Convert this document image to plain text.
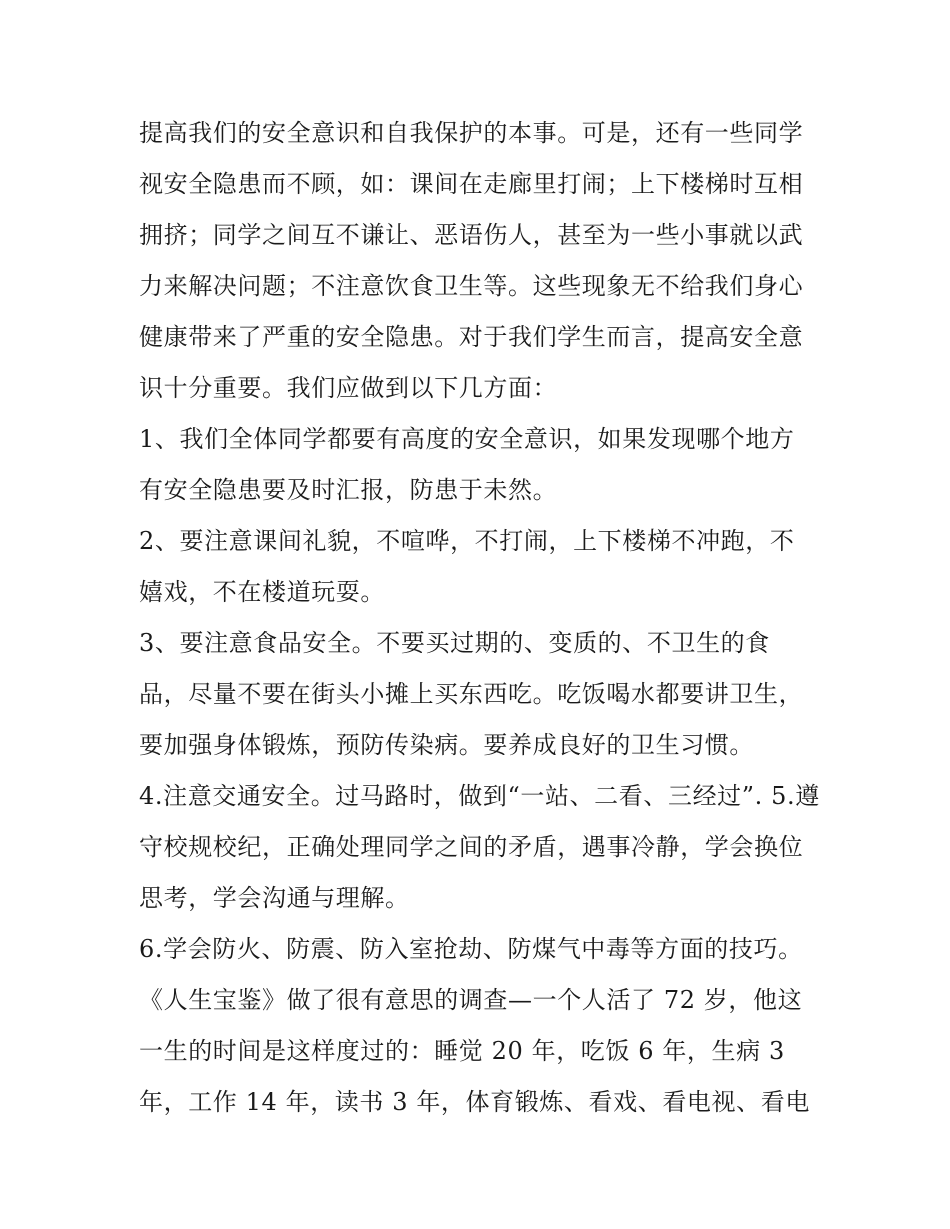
提高我们的安全意识和自我保护的本事。可是，还有一些同学
视安全隐患而不顾，如：课间在走廊里打闹；上下楼梯时互相
拥挤；同学之间互不谦让、恶语伤人，甚至为一些小事就以武
力来解决问题；不注意饮食卫生等。这些现象无不给我们身心
健康带来了严重的安全隐患。对于我们学生而言，提高安全意
识十分重要。我们应做到以下几方面：
1、我们全体同学都要有高度的安全意识，如果发现哪个地方
有安全隐患要及时汇报，防患于未然。
2、要注意课间礼貌，不喧哗，不打闹，上下楼梯不冲跑，不
嬉戏，不在楼道玩耍。
3、要注意食品安全。不要买过期的、变质的、不卫生的食
品，尽量不要在街头小摊上买东西吃。吃饭喝水都要讲卫生，
要加强身体锻炼，预防传染病。要养成良好的卫生习惯。
4.注意交通安全。过马路时，做到“一站、二看、三经过”. 5.遵
守校规校纪，正确处理同学之间的矛盾，遇事冷静，学会换位
思考，学会沟通与理解。
6.学会防火、防震、防入室抢劫、防煤气中毒等方面的技巧。
《人生宝鉴》做了很有意思的调查—一个人活了 72 岁，他这
一生的时间是这样度过的：睡觉 20 年，吃饭 6 年，生病 3
年，工作 14 年，读书 3 年，体育锻炼、看戏、看电视、看电
